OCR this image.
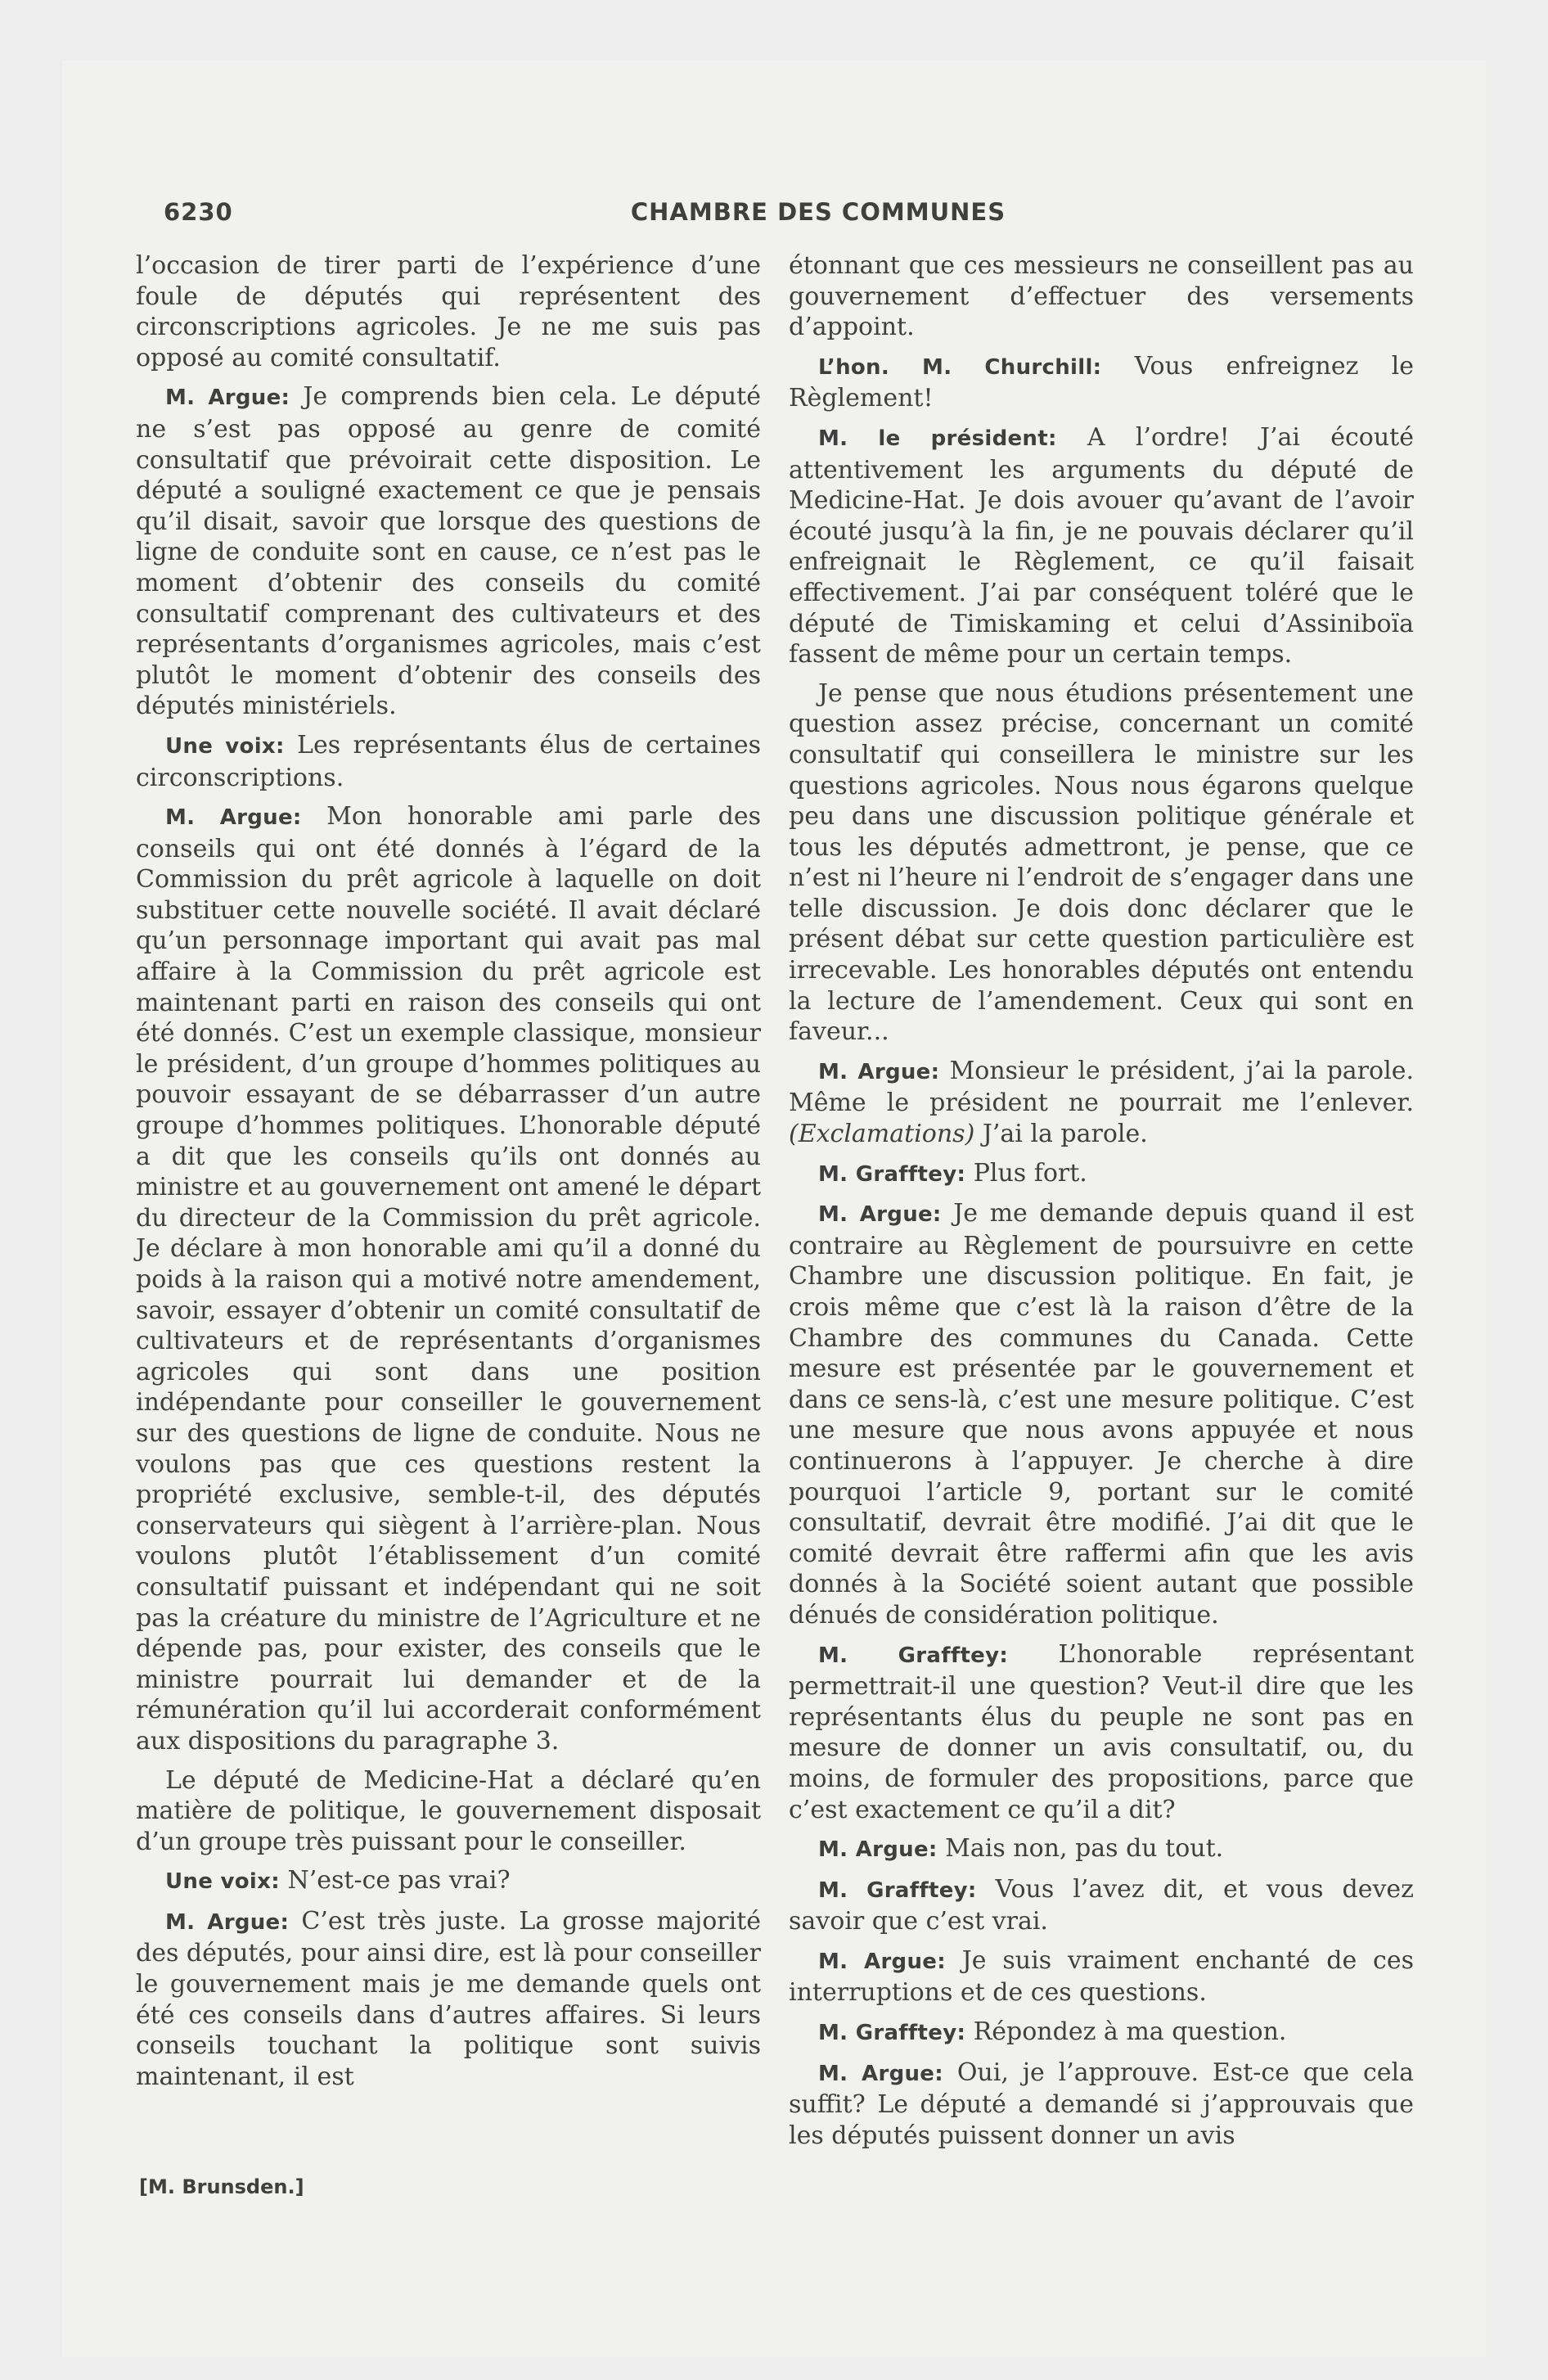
6230	CHAMBRE DES COMMUNES

l’occasion de tirer parti de l’expérience d’une foule de députés qui représentent des circonscriptions agricoles. Je ne me suis pas opposé au comité consultatif.

M. Argue: Je comprends bien cela. Le député ne s’est pas opposé au genre de comité consultatif que prévoirait cette disposition. Le député a souligné exactement ce que je pensais qu’il disait, savoir que lorsque des questions de ligne de conduite sont en cause, ce n’est pas le moment d’obtenir des conseils du comité consultatif comprenant des cultivateurs et des représentants d’organismes agricoles, mais c’est plutôt le moment d’obtenir des conseils des députés ministériels.

Une voix: Les représentants élus de certaines circonscriptions.

M. Argue: Mon honorable ami parle des conseils qui ont été donnés à l’égard de la Commission du prêt agricole à laquelle on doit substituer cette nouvelle société. Il avait déclaré qu’un personnage important qui avait pas mal affaire à la Commission du prêt agricole est maintenant parti en raison des conseils qui ont été donnés. C’est un exemple classique, monsieur le président, d’un groupe d’hommes politiques au pouvoir essayant de se débarrasser d’un autre groupe d’hommes politiques. L’honorable député a dit que les conseils qu’ils ont donnés au ministre et au gouvernement ont amené le départ du directeur de la Commission du prêt agricole. Je déclare à mon honorable ami qu’il a donné du poids à la raison qui a motivé notre amendement, savoir, essayer d’obtenir un comité consultatif de cultivateurs et de représentants d’organismes agricoles qui sont dans une position indépendante pour conseiller le gouvernement sur des questions de ligne de conduite. Nous ne voulons pas que ces questions restent la propriété exclusive, semble-t-il, des députés conservateurs qui siègent à l’arrière-plan. Nous voulons plutôt l’établissement d’un comité consultatif puissant et indépendant qui ne soit pas la créature du ministre de l’Agriculture et ne dépende pas, pour exister, des conseils que le ministre pourrait lui demander et de la rémunération qu’il lui accorderait conformément aux dispositions du paragraphe 3.

Le député de Medicine-Hat a déclaré qu’en matière de politique, le gouvernement disposait d’un groupe très puissant pour le conseiller.

Une voix: N’est-ce pas vrai?

M. Argue: C’est très juste. La grosse majorité des députés, pour ainsi dire, est là pour conseiller le gouvernement mais je me demande quels ont été ces conseils dans d’autres affaires. Si leurs conseils touchant la politique sont suivis maintenant, il est

étonnant que ces messieurs ne conseillent pas au gouvernement d’effectuer des versements d’appoint.

L’hon. M. Churchill: Vous enfreignez le Règlement!

M. le président: A l’ordre! J’ai écouté attentivement les arguments du député de Medicine-Hat. Je dois avouer qu’avant de l’avoir écouté jusqu’à la fin, je ne pouvais déclarer qu’il enfreignait le Règlement, ce qu’il faisait effectivement. J’ai par conséquent toléré que le député de Timiskaming et celui d’Assiniboïa fassent de même pour un certain temps.

Je pense que nous étudions présentement une question assez précise, concernant un comité consultatif qui conseillera le ministre sur les questions agricoles. Nous nous égarons quelque peu dans une discussion politique générale et tous les députés admettront, je pense, que ce n’est ni l’heure ni l’endroit de s’engager dans une telle discussion. Je dois donc déclarer que le présent débat sur cette question particulière est irrecevable. Les honorables députés ont entendu la lecture de l’amendement. Ceux qui sont en faveur...

M. Argue: Monsieur le président, j’ai la parole. Même le président ne pourrait me l’enlever. (Exclamations) J’ai la parole.

M. Grafftey: Plus fort.

M. Argue: Je me demande depuis quand il est contraire au Règlement de poursuivre en cette Chambre une discussion politique. En fait, je crois même que c’est là la raison d’être de la Chambre des communes du Canada. Cette mesure est présentée par le gouvernement et dans ce sens-là, c’est une mesure politique. C’est une mesure que nous avons appuyée et nous continuerons à l’appuyer. Je cherche à dire pourquoi l’article 9, portant sur le comité consultatif, devrait être modifié. J’ai dit que le comité devrait être raffermi afin que les avis donnés à la Société soient autant que possible dénués de considération politique.

M. Grafftey: L’honorable représentant permettrait-il une question? Veut-il dire que les représentants élus du peuple ne sont pas en mesure de donner un avis consultatif, ou, du moins, de formuler des propositions, parce que c’est exactement ce qu’il a dit?

M. Argue: Mais non, pas du tout.

M. Grafftey: Vous l’avez dit, et vous devez savoir que c’est vrai.

M. Argue: Je suis vraiment enchanté de ces interruptions et de ces questions.

M. Grafftey: Répondez à ma question.

M. Argue: Oui, je l’approuve. Est-ce que cela suffit? Le député a demandé si j’approuvais que les députés puissent donner un avis

[M. Brunsden.]
